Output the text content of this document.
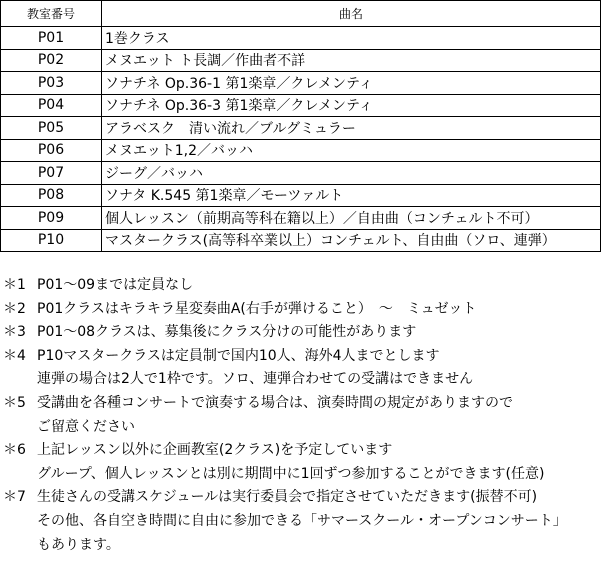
教室番号	曲名
P01	1巻クラス
P02	メヌエット ト長調／作曲者不詳
P03	ソナチネ Op.36-1 第1楽章／クレメンティ
P04	ソナチネ Op.36-3 第1楽章／クレメンティ
P05	アラベスク　清い流れ／ブルグミュラー
P06	メヌエット1,2／バッハ
P07	ジーグ／バッハ
P08	ソナタ K.545 第1楽章／モーツァルト
P09	個人レッスン（前期高等科在籍以上）／自由曲（コンチェルト不可）
P10	マスタークラス(高等科卒業以上）コンチェルト、自由曲（ソロ、連弾）
＊1 P01～09までは定員なし
＊2 P01クラスはキラキラ星変奏曲A(右手が弾けること）　～　ミュゼット
＊3 P01～08クラスは、募集後にクラス分けの可能性があります
＊4 P10マスタークラスは定員制で国内10人、海外4人までとします
連弾の場合は2人で1枠です。ソロ、連弾合わせての受講はできません
＊5 受講曲を各種コンサートで演奏する場合は、演奏時間の規定がありますので
ご留意ください
＊6 上記レッスン以外に企画教室(2クラス)を予定しています
グループ、個人レッスンとは別に期間中に1回ずつ参加することができます(任意)
＊7 生徒さんの受講スケジュールは実行委員会で指定させていただきます(振替不可)
その他、各自空き時間に自由に参加できる「サマースクール・オープンコンサート」
もあります。
